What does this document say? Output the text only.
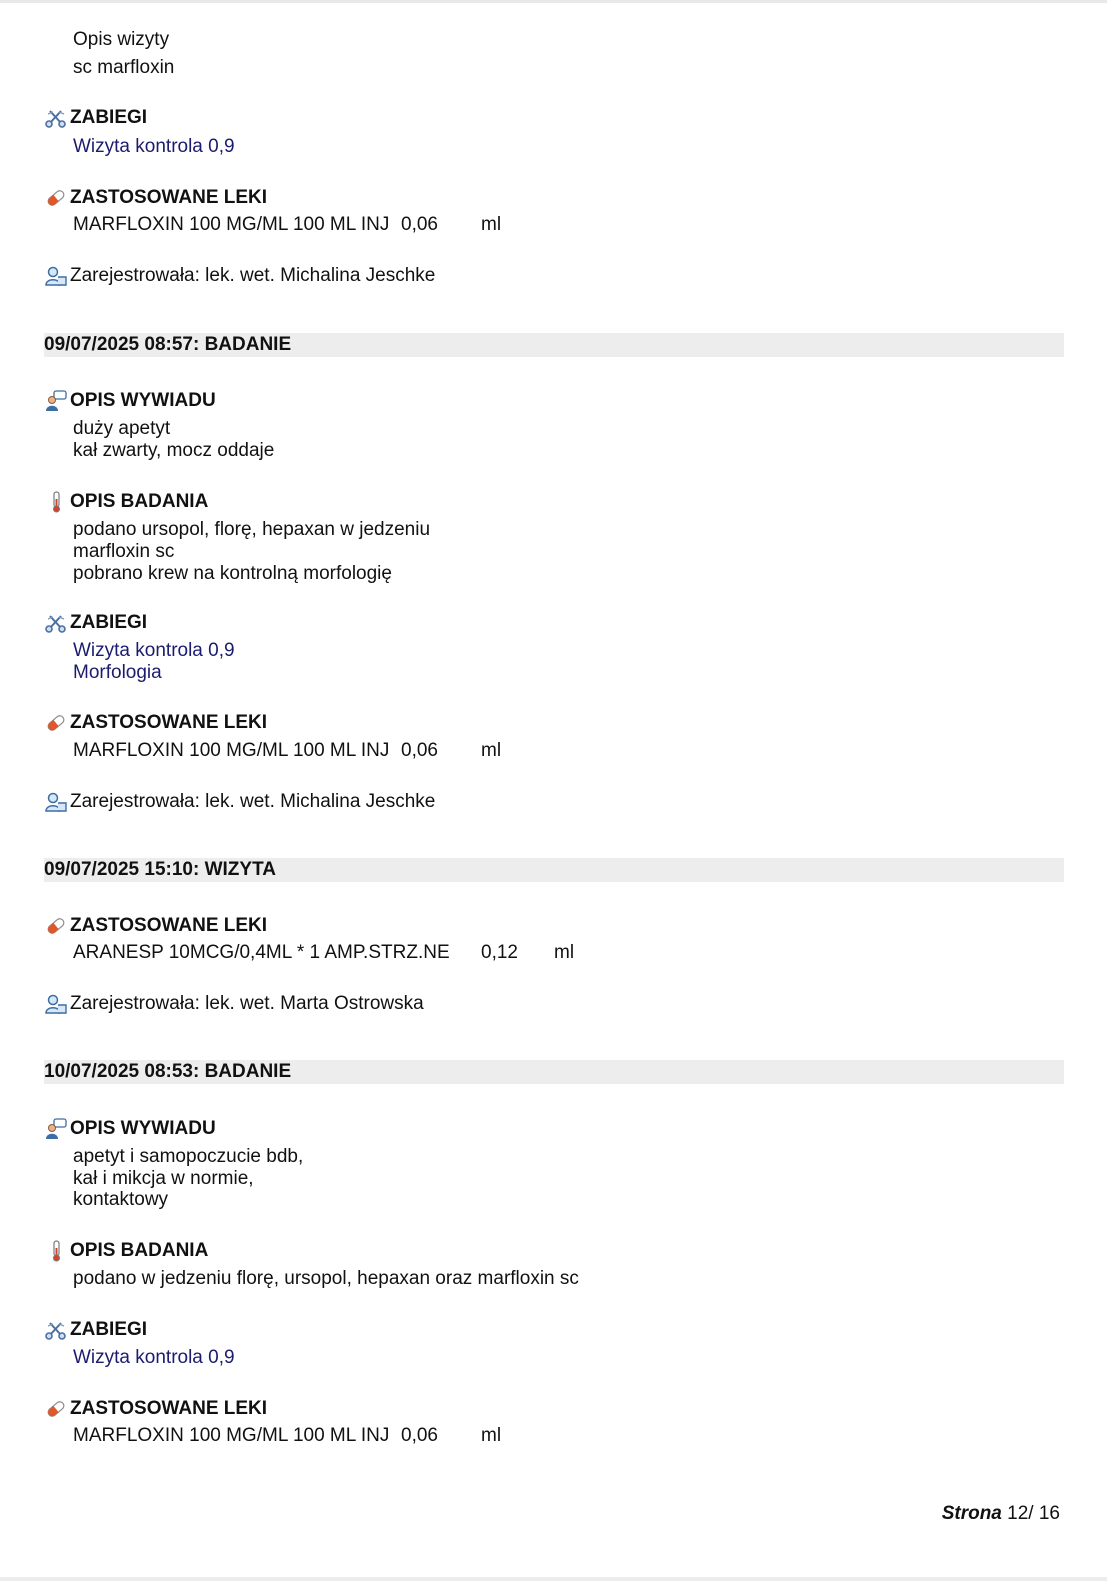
Opis wizyty
sc marfloxin
ZABIEGI
Wizyta kontrola 0,9
ZASTOSOWANE LEKI
MARFLOXIN 100 MG/ML 100 ML INJ 0,06 ml
Zarejestrowała: lek. wet. Michalina Jeschke
09/07/2025 08:57: BADANIE
OPIS WYWIADU
duży apetyt
kał zwarty, mocz oddaje
OPIS BADANIA
podano ursopol, florę, hepaxan w jedzeniu
marfloxin sc
pobrano krew na kontrolną morfologię
ZABIEGI
Wizyta kontrola 0,9
Morfologia
ZASTOSOWANE LEKI
MARFLOXIN 100 MG/ML 100 ML INJ 0,06 ml
Zarejestrowała: lek. wet. Michalina Jeschke
09/07/2025 15:10: WIZYTA
ZASTOSOWANE LEKI
ARANESP 10MCG/0,4ML * 1 AMP.STRZ.NE 0,12 ml
Zarejestrowała: lek. wet. Marta Ostrowska
10/07/2025 08:53: BADANIE
OPIS WYWIADU
apetyt i samopoczucie bdb,
kał i mikcja w normie,
kontaktowy
OPIS BADANIA
podano w jedzeniu florę, ursopol, hepaxan oraz marfloxin sc
ZABIEGI
Wizyta kontrola 0,9
ZASTOSOWANE LEKI
MARFLOXIN 100 MG/ML 100 ML INJ 0,06 ml
Strona 12/ 16
